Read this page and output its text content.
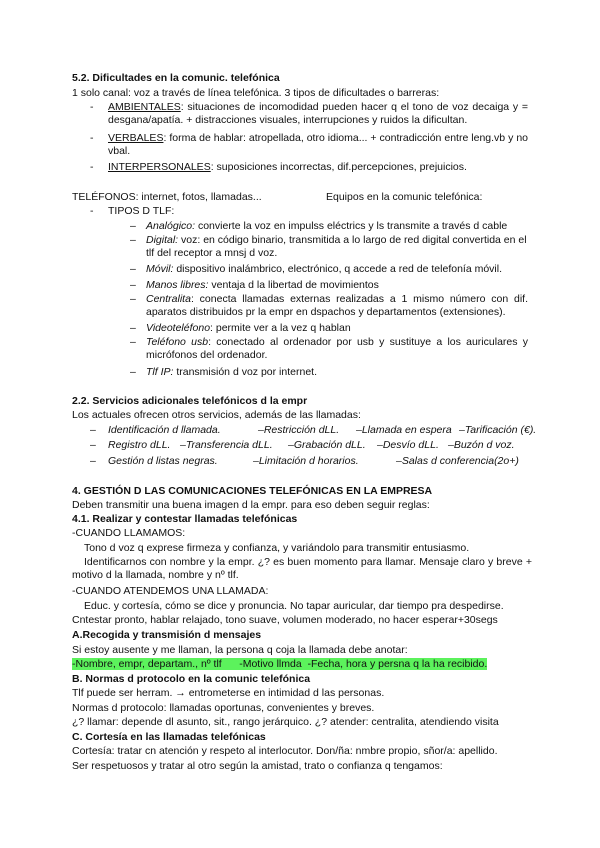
5.2. Dificultades en la comunic. telefónica
1 solo canal: voz a través de línea telefónica. 3 tipos de dificultades o barreras:
- AMBIENTALES: situaciones de incomodidad pueden hacer q el tono de voz decaiga y = desgana/apatía. + distracciones visuales, interrupciones y ruidos la dificultan.
- VERBALES: forma de hablar: atropellada, otro idioma... + contradicción entre leng.vb y no vbal.
- INTERPERSONALES: suposiciones incorrectas, dif.percepciones, prejuicios.
TELÉFONOS: internet, fotos, llamadas...	Equipos en la comunic telefónica:
- TIPOS D TLF:
– Analógico: convierte la voz en impulss eléctrics y ls transmite a través d cable
– Digital: voz: en código binario, transmitida a lo largo de red digital convertida en el tlf del receptor a mnsj d voz.
– Móvil: dispositivo inalámbrico, electrónico, q accede a red de telefonía móvil.
– Manos libres: ventaja d la libertad de movimientos
– Centralita: conecta llamadas externas realizadas a 1 mismo número con dif. aparatos distribuidos pr la empr en dspachos y departamentos (extensiones).
– Videoteléfono: permite ver a la vez q hablan
– Teléfono usb: conectado al ordenador por usb y sustituye a los auriculares y micrófonos del ordenador.
– Tlf IP: transmisión d voz por internet.
2.2. Servicios adicionales telefónicos d la empr
Los actuales ofrecen otros servicios, además de las llamadas:
– Identificación d llamada.	–Restricción dLL. –Llamada en espera –Tarificación (€).
– Registro dLL. –Transferencia dLL. –Grabación dLL. –Desvío dLL. –Buzón d voz.
– Gestión d listas negras.	–Limitación d horarios.	–Salas d conferencia(2o+)
4. GESTIÓN D LAS COMUNICACIONES TELEFÓNICAS EN LA EMPRESA
Deben transmitir una buena imagen d la empr. para eso deben seguir reglas:
4.1. Realizar y contestar llamadas telefónicas
-CUANDO LLAMAMOS:
Tono d voz q exprese firmeza y confianza, y variándolo para transmitir entusiasmo.
Identificarnos con nombre y la empr. ¿? es buen momento para llamar. Mensaje claro y breve + motivo d la llamada, nombre y nº tlf.
-CUANDO ATENDEMOS UNA LLAMADA:
Educ. y cortesía, cómo se dice y pronuncia. No tapar auricular, dar tiempo pra despedirse.
Cntestar pronto, hablar relajado, tono suave, volumen moderado, no hacer esperar+30segs
A.Recogida y transmisión d mensajes
Si estoy ausente y me llaman, la persona q coja la llamada debe anotar:
-Nombre, empr, departam., nº tlf      -Motivo llmda  -Fecha, hora y persna q la ha recibido.
B. Normas d protocolo en la comunic telefónica
Tlf puede ser herram. → entrometerse en intimidad d las personas.
Normas d protocolo: llamadas oportunas, convenientes y breves.
¿? llamar: depende dl asunto, sit., rango jerárquico. ¿? atender: centralita, atendiendo visita
C. Cortesía en las llamadas telefónicas
Cortesía: tratar cn atención y respeto al interlocutor. Don/ña: nmbre propio, sñor/a: apellido.
Ser respetuosos y tratar al otro según la amistad, trato o confianza q tengamos:
